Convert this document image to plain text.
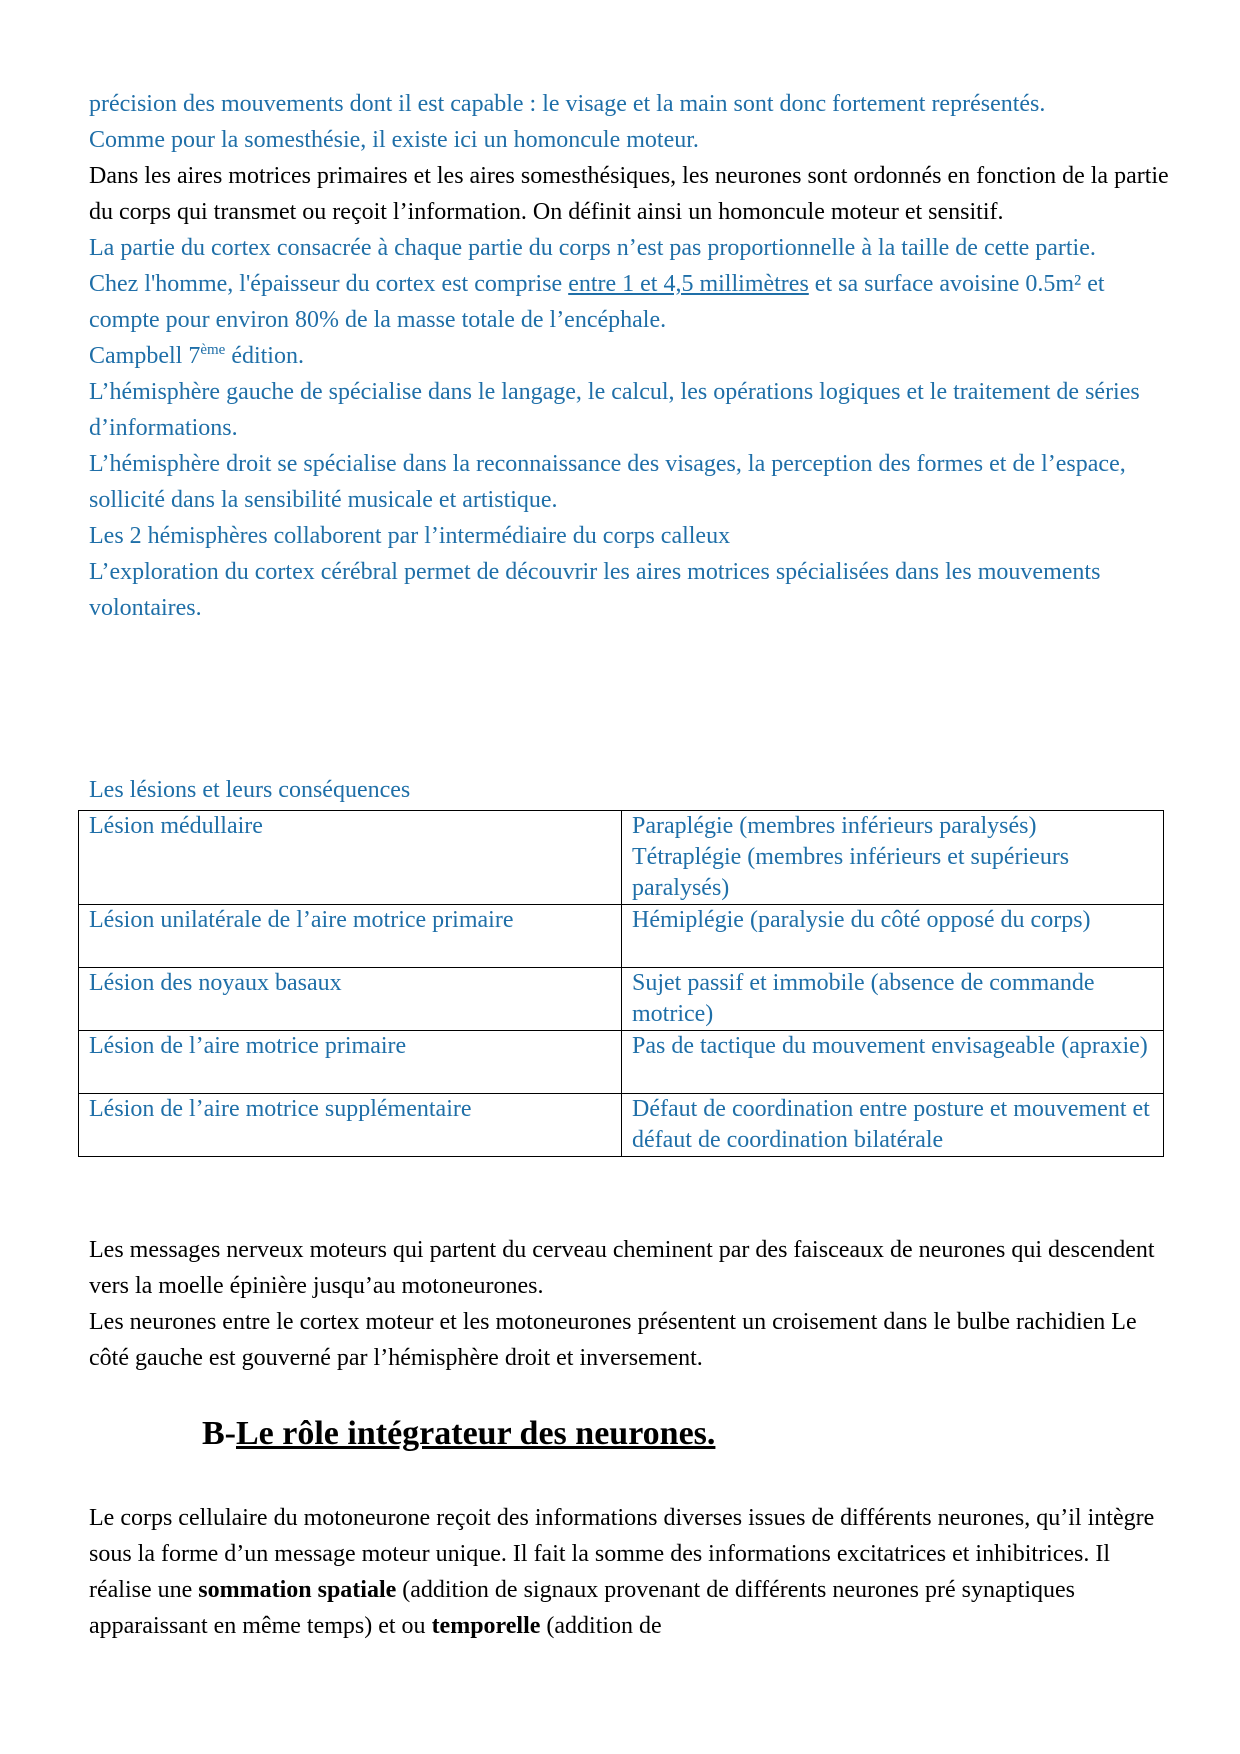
précision des mouvements dont il est capable : le visage et la main sont donc fortement représentés.

Comme pour la somesthésie, il existe ici un homoncule moteur.

Dans les aires motrices primaires et les aires somesthésiques, les neurones sont ordonnés en fonction de la partie du corps qui transmet ou reçoit l’information. On définit ainsi un homoncule moteur et sensitif.

La partie du cortex consacrée à chaque partie du corps n’est pas proportionnelle à la taille de cette partie.

Chez l'homme, l'épaisseur du cortex est comprise entre 1 et 4,5 millimètres et sa surface avoisine 0.5m² et compte pour environ 80% de la masse totale de l’encéphale.

Campbell 7ème édition.

L’hémisphère gauche de spécialise dans le langage, le calcul, les opérations logiques et le traitement de séries d’informations.

L’hémisphère droit se spécialise dans la reconnaissance des visages, la perception des formes et de l’espace, sollicité dans la sensibilité musicale et artistique.

Les 2 hémisphères collaborent par l’intermédiaire du corps calleux

L’exploration du cortex cérébral permet de découvrir les aires motrices spécialisées dans les mouvements volontaires.

Les lésions et leurs conséquences
Lésion médullaire	Paraplégie (membres inférieurs paralysés)
Tétraplégie (membres inférieurs et supérieurs paralysés)

Lésion unilatérale de l’aire motrice primaire	Hémiplégie (paralysie du côté opposé du corps)
Lésion des noyaux basaux	Sujet passif et immobile (absence de commande motrice)
Lésion de l’aire motrice primaire	Pas de tactique du mouvement envisageable (apraxie)
Lésion de l’aire motrice supplémentaire	Défaut de coordination entre posture et mouvement et défaut de coordination bilatérale

Les messages nerveux moteurs qui partent du cerveau cheminent par des faisceaux de neurones qui descendent vers la moelle épinière jusqu’au motoneurones.

Les neurones entre le cortex moteur et les motoneurones présentent un croisement dans le bulbe rachidien Le côté gauche est gouverné par l’hémisphère droit et inversement.

B-Le rôle intégrateur des neurones.

Le corps cellulaire du motoneurone reçoit des informations diverses issues de différents neurones, qu’il intègre sous la forme d’un message moteur unique. Il fait la somme des informations excitatrices et inhibitrices. Il réalise une sommation spatiale (addition de signaux provenant de différents neurones pré synaptiques apparaissant en même temps) et ou temporelle (addition de
